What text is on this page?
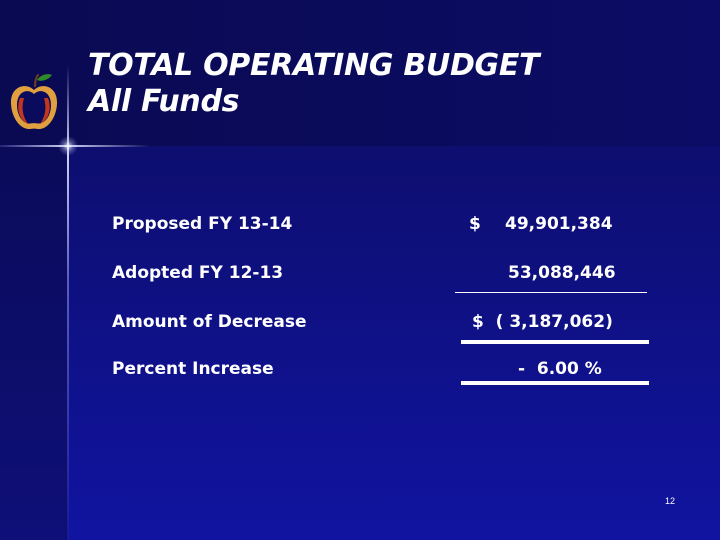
TOTAL OPERATING BUDGET
All Funds
Proposed FY 13-14	$ 49,901,384
Adopted FY 12-13	53,088,446
Amount of Decrease	$  ( 3,187,062)
Percent Increase	-  6.00 %
12
